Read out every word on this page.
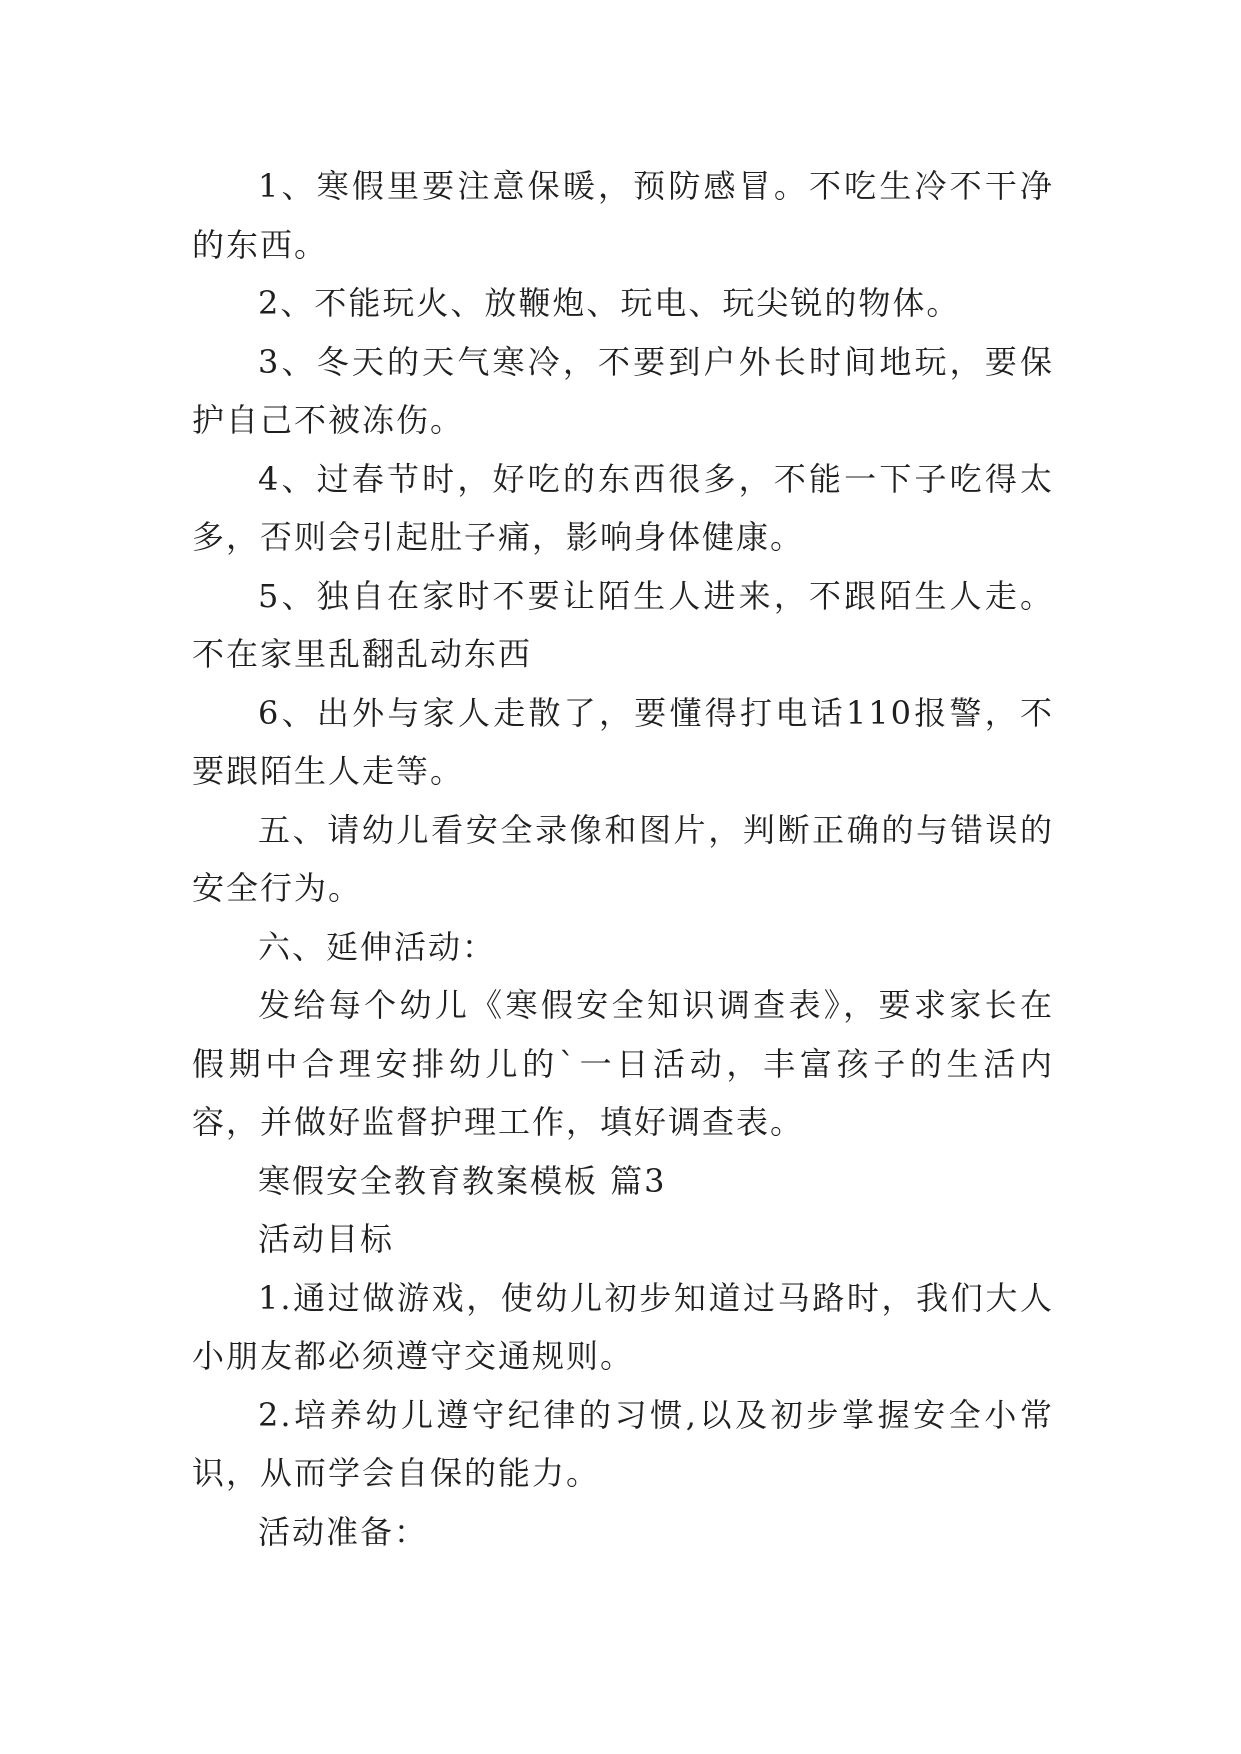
1、寒假里要注意保暖，预防感冒。不吃生冷不干净的东西。

2、不能玩火、放鞭炮、玩电、玩尖锐的物体。

3、冬天的天气寒冷，不要到户外长时间地玩，要保护自己不被冻伤。

4、过春节时，好吃的东西很多，不能一下子吃得太多，否则会引起肚子痛，影响身体健康。

5、独自在家时不要让陌生人进来，不跟陌生人走。不在家里乱翻乱动东西

6、出外与家人走散了，要懂得打电话110报警，不要跟陌生人走等。

五、请幼儿看安全录像和图片，判断正确的与错误的安全行为。

六、延伸活动：

发给每个幼儿《寒假安全知识调查表》，要求家长在假期中合理安排幼儿的`一日活动，丰富孩子的生活内容，并做好监督护理工作，填好调查表。

寒假安全教育教案模板 篇3

活动目标

1.通过做游戏，使幼儿初步知道过马路时，我们大人小朋友都必须遵守交通规则。

2.培养幼儿遵守纪律的习惯,以及初步掌握安全小常识，从而学会自保的能力。

活动准备：
